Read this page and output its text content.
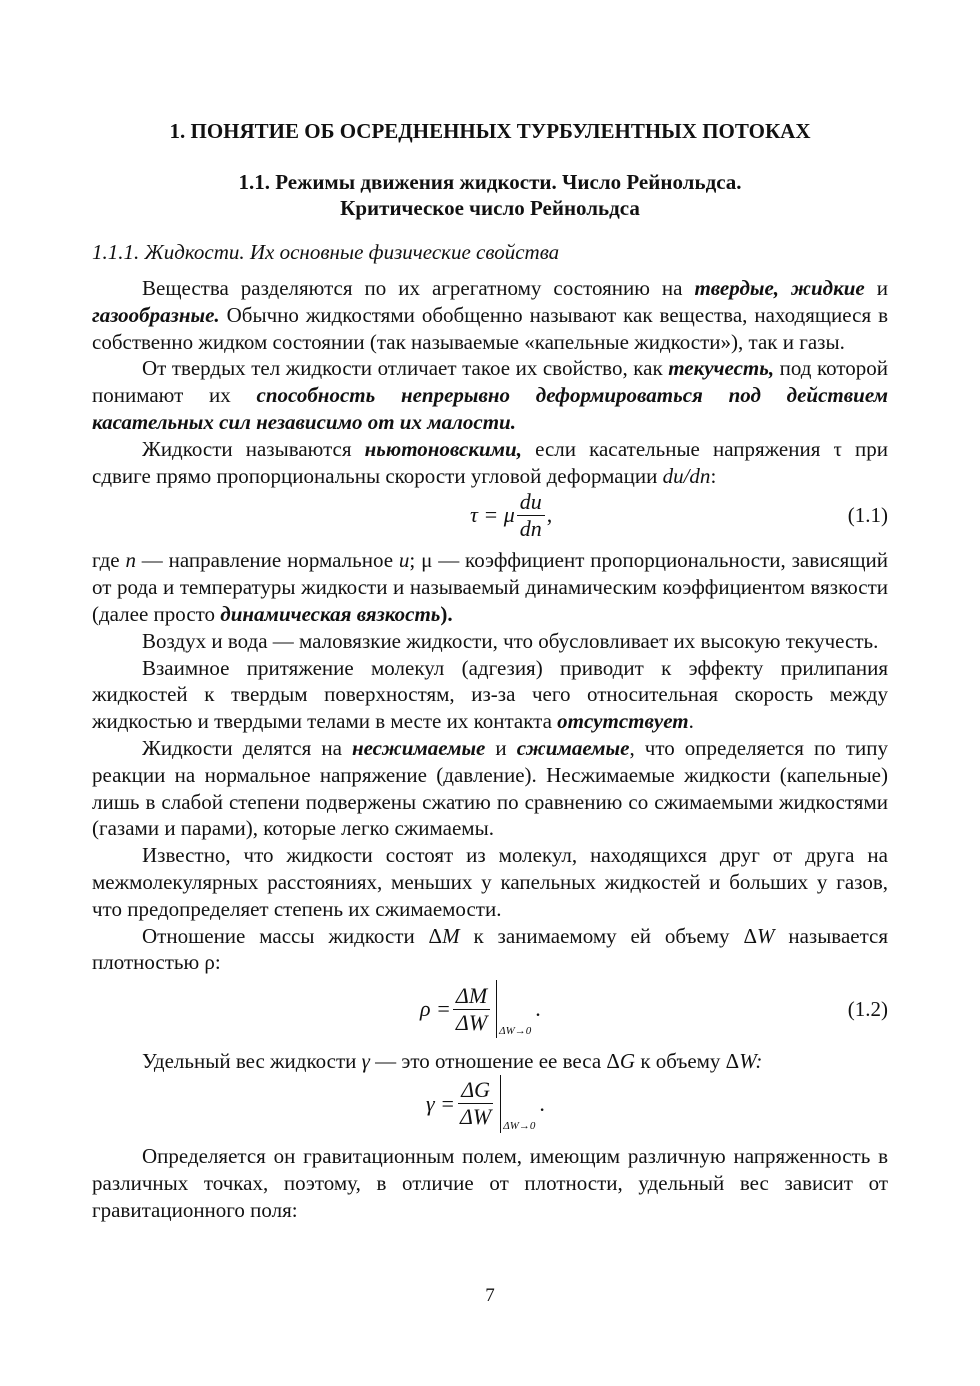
1. ПОНЯТИЕ ОБ ОСРЕДНЕННЫХ ТУРБУЛЕНТНЫХ ПОТОКАХ
1.1. Режимы движения жидкости. Число Рейнольдса.
Критическое число Рейнольдса
1.1.1. Жидкости. Их основные физические свойства

Вещества разделяются по их агрегатному состоянию на твердые, жидкие и газообразные. Обычно жидкостями обобщенно называют как вещества, находящиеся в собственно жидком состоянии (так называемые «капельные жидкости»), так и газы.

От твердых тел жидкости отличает такое их свойство, как текучесть, под которой понимают их способность непрерывно деформироваться под действием касательных сил независимо от их малости.

Жидкости называются ньютоновскими, если касательные напряжения τ при сдвиге прямо пропорциональны скорости угловой деформации du/dn:

τ = μ $\frac{du}{dn}$ ,	(1.1)

где n — направление нормальное u; μ — коэффициент пропорциональности, зависящий от рода и температуры жидкости и называемый динамическим коэффициентом вязкости (далее просто динамическая вязкость).

Воздух и вода — маловязкие жидкости, что обусловливает их высокую текучесть.

Взаимное притяжение молекул (адгезия) приводит к эффекту прилипания жидкостей к твердым поверхностям, из-за чего относительная скорость между жидкостью и твердыми телами в месте их контакта отсутствует.

Жидкости делятся на несжимаемые и сжимаемые, что определяется по типу реакции на нормальное напряжение (давление). Несжимаемые жидкости (капельные) лишь в слабой степени подвержены сжатию по сравнению со сжимаемыми жидкостями (газами и парами), которые легко сжимаемы.

Известно, что жидкости состоят из молекул, находящихся друг от друга на межмолекулярных расстояниях, меньших у капельных жидкостей и больших у газов, что предопределяет степень их сжимаемости.

Отношение массы жидкости ΔM к занимаемому ей объему ΔW называется плотностью ρ:

$\rho = \frac{\Delta M}{\Delta W} \Delta W\to 0$
.	(1.2)

Удельный вес жидкости γ — это отношение ее веса ΔG к объему ΔW:

$\gamma = \frac{\Delta G}{\Delta W} \Delta W\to 0$
.

Определяется он гравитационным полем, имеющим различную напряженность в различных точках, поэтому, в отличие от плотности, удельный вес зависит от гравитационного поля:

7
